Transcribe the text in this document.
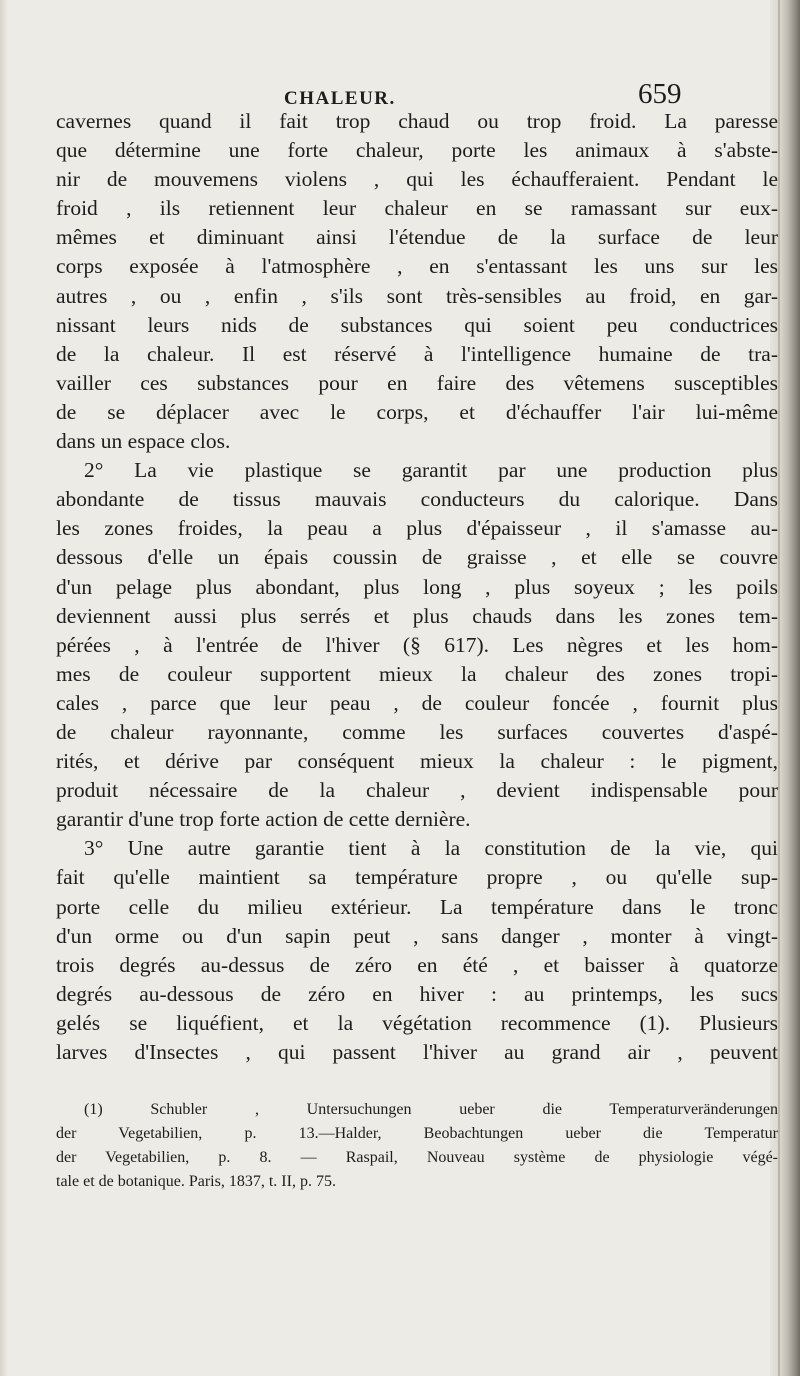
CHALEUR.	659
cavernes quand il fait trop chaud ou trop froid. La paresse
que détermine une forte chaleur, porte les animaux à s'abste-
nir de mouvemens violens , qui les échaufferaient. Pendant le
froid , ils retiennent leur chaleur en se ramassant sur eux-
mêmes et diminuant ainsi l'étendue de la surface de leur
corps exposée à l'atmosphère , en s'entassant les uns sur les
autres , ou , enfin , s'ils sont très-sensibles au froid, en gar-
nissant leurs nids de substances qui soient peu conductrices
de la chaleur. Il est réservé à l'intelligence humaine de tra-
vailler ces substances pour en faire des vêtemens susceptibles
de se déplacer avec le corps, et d'échauffer l'air lui-même
dans un espace clos.
2° La vie plastique se garantit par une production plus
abondante de tissus mauvais conducteurs du calorique. Dans
les zones froides, la peau a plus d'épaisseur , il s'amasse au-
dessous d'elle un épais coussin de graisse , et elle se couvre
d'un pelage plus abondant, plus long , plus soyeux ; les poils
deviennent aussi plus serrés et plus chauds dans les zones tem-
pérées , à l'entrée de l'hiver (§ 617). Les nègres et les hom-
mes de couleur supportent mieux la chaleur des zones tropi-
cales , parce que leur peau , de couleur foncée , fournit plus
de chaleur rayonnante, comme les surfaces couvertes d'aspé-
rités, et dérive par conséquent mieux la chaleur : le pigment,
produit nécessaire de la chaleur , devient indispensable pour
garantir d'une trop forte action de cette dernière.
3° Une autre garantie tient à la constitution de la vie, qui
fait qu'elle maintient sa température propre , ou qu'elle sup-
porte celle du milieu extérieur. La température dans le tronc
d'un orme ou d'un sapin peut , sans danger , monter à vingt-
trois degrés au-dessus de zéro en été , et baisser à quatorze
degrés au-dessous de zéro en hiver : au printemps, les sucs
gelés se liquéfient, et la végétation recommence (1). Plusieurs
larves d'Insectes , qui passent l'hiver au grand air , peuvent
(1) Schubler , Untersuchungen ueber die Temperaturveränderungen
der Vegetabilien, p. 13.—Halder, Beobachtungen ueber die Temperatur
der Vegetabilien, p. 8. — Raspail, Nouveau système de physiologie végé-
tale et de botanique. Paris, 1837, t. II, p. 75.
